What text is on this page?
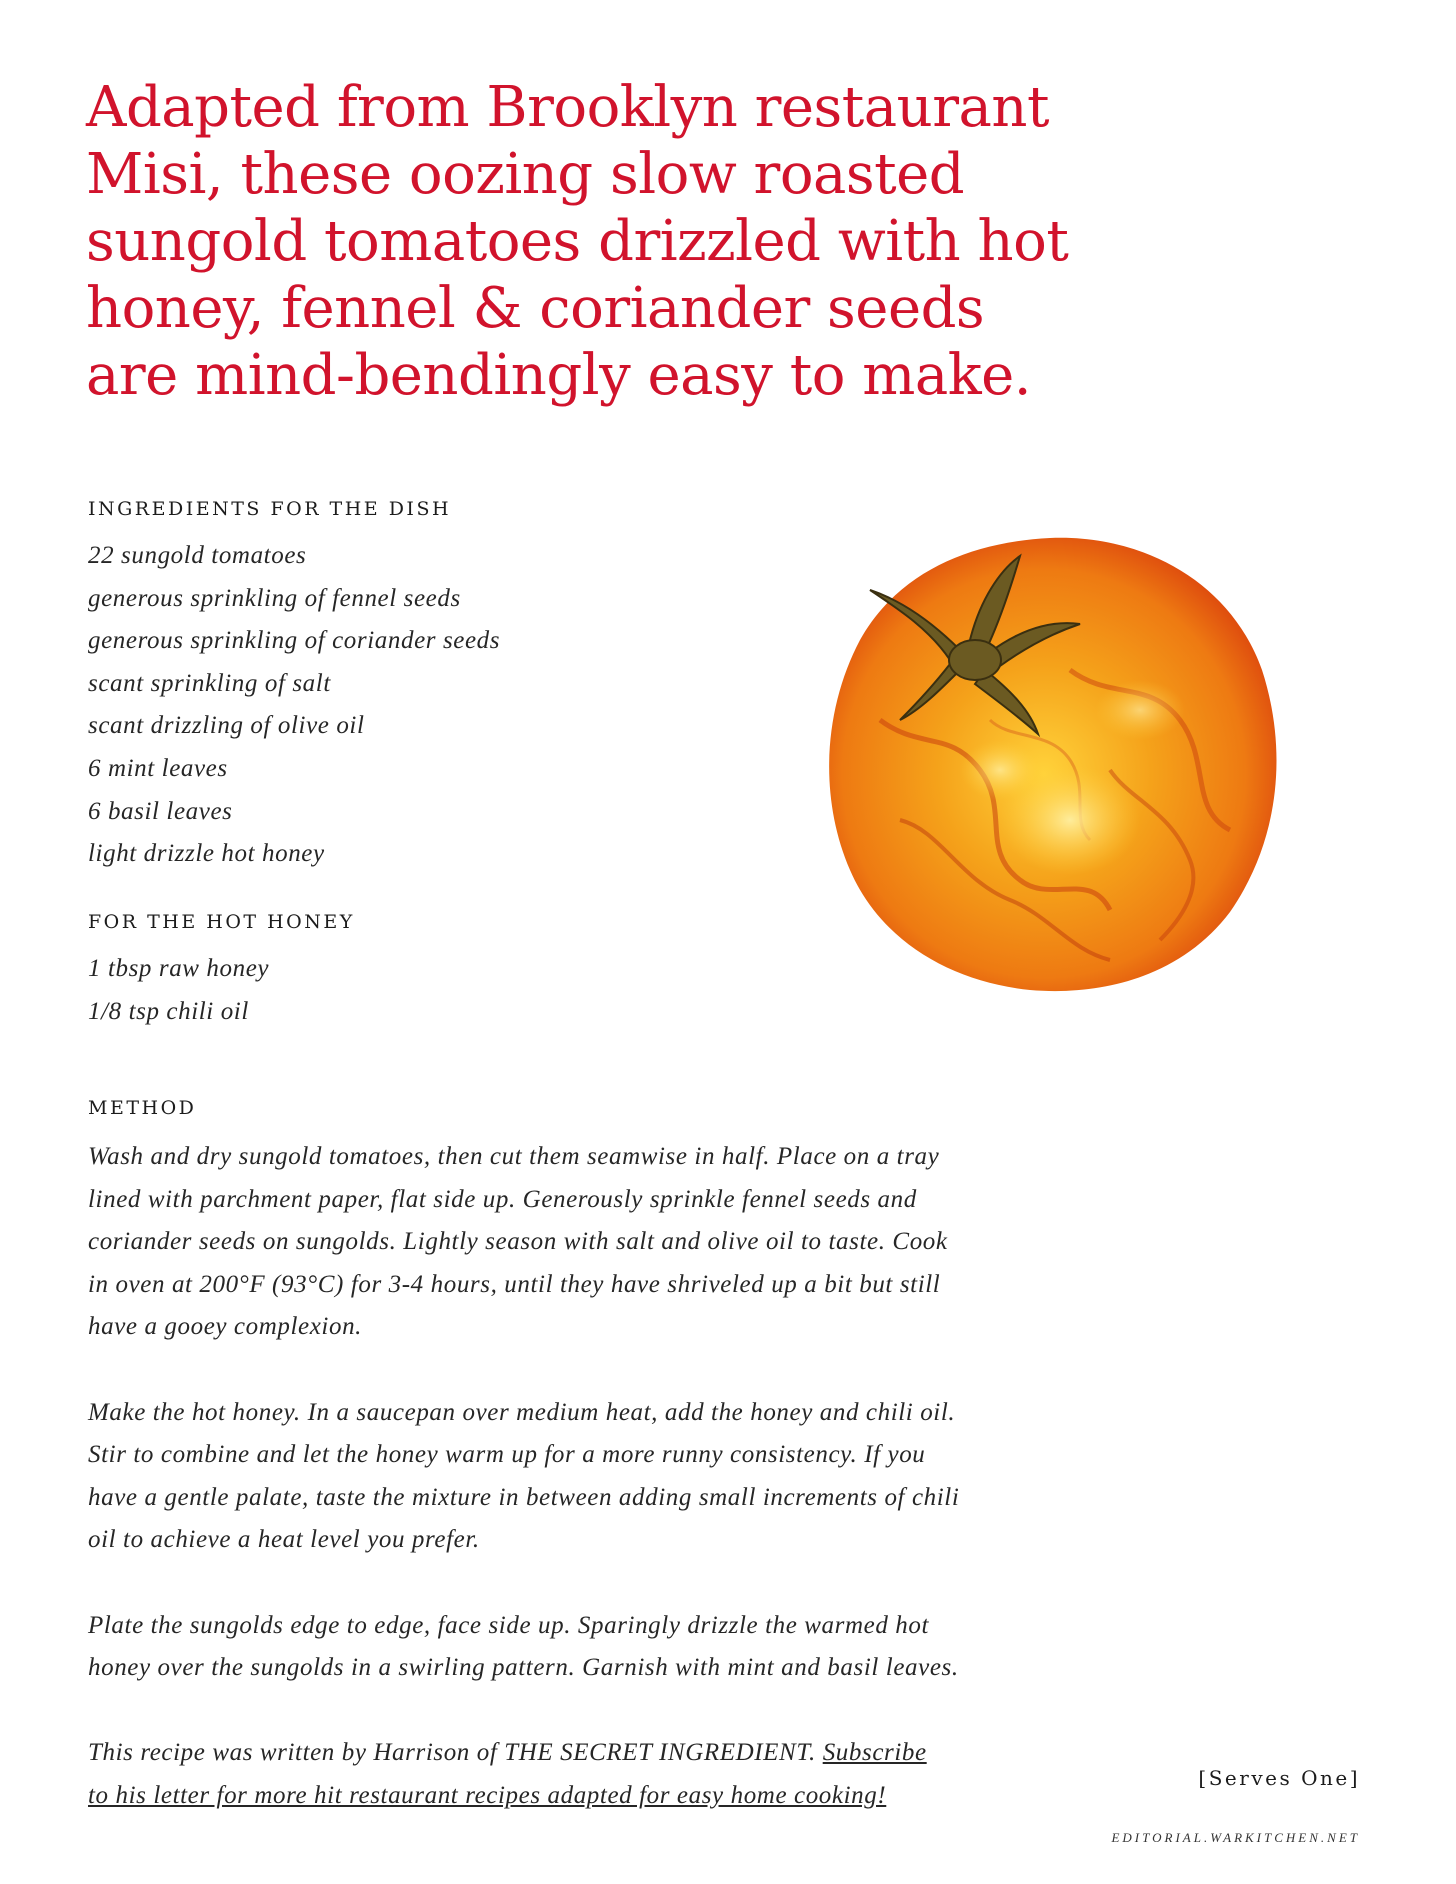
Adapted from Brooklyn restaurant
Misi, these oozing slow roasted
sungold tomatoes drizzled with hot
honey, fennel & coriander seeds
are mind-bendingly easy to make.
INGREDIENTS FOR THE DISH
22 sungold tomatoes
generous sprinkling of fennel seeds
generous sprinkling of coriander seeds
scant sprinkling of salt
scant drizzling of olive oil
6 mint leaves
6 basil leaves
light drizzle hot honey
FOR THE HOT HONEY
1 tbsp raw honey
1/8 tsp chili oil
METHOD

Wash and dry sungold tomatoes, then cut them seamwise in half. Place on a tray
lined with parchment paper, flat side up. Generously sprinkle fennel seeds and
coriander seeds on sungolds. Lightly season with salt and olive oil to taste. Cook
in oven at 200°F (93°C) for 3-4 hours, until they have shriveled up a bit but still
have a gooey complexion.

Make the hot honey. In a saucepan over medium heat, add the honey and chili oil.
Stir to combine and let the honey warm up for a more runny consistency. If you
have a gentle palate, taste the mixture in between adding small increments of chili
oil to achieve a heat level you prefer.

Plate the sungolds edge to edge, face side up. Sparingly drizzle the warmed hot
honey over the sungolds in a swirling pattern. Garnish with mint and basil leaves.

This recipe was written by Harrison of THE SECRET INGREDIENT. Subscribe
to his letter for more hit restaurant recipes adapted for easy home cooking!

[Serves One]
EDITORIAL.WARKITCHEN.NET
